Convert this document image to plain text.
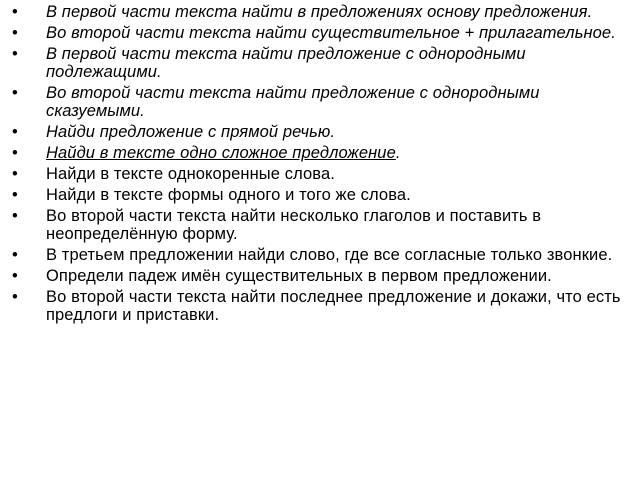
• В первой части текста найти в предложениях основу предложения.
• Во второй части текста найти существительное + прилагательное.
• В первой части текста найти предложение с однородными подлежащими.
• Во второй части текста найти предложение с однородными сказуемыми.
• Найди предложение с прямой речью.
• Найди в тексте одно сложное предложение.
• Найди в тексте однокоренные слова.
• Найди в тексте формы одного и того же слова.
• Во второй части текста найти несколько глаголов и поставить в неопределённую форму.
• В третьем предложении найди слово, где все согласные только звонкие.
• Определи падеж имён существительных в первом предложении.
• Во второй части текста найти последнее предложение и докажи, что есть предлоги и приставки.
